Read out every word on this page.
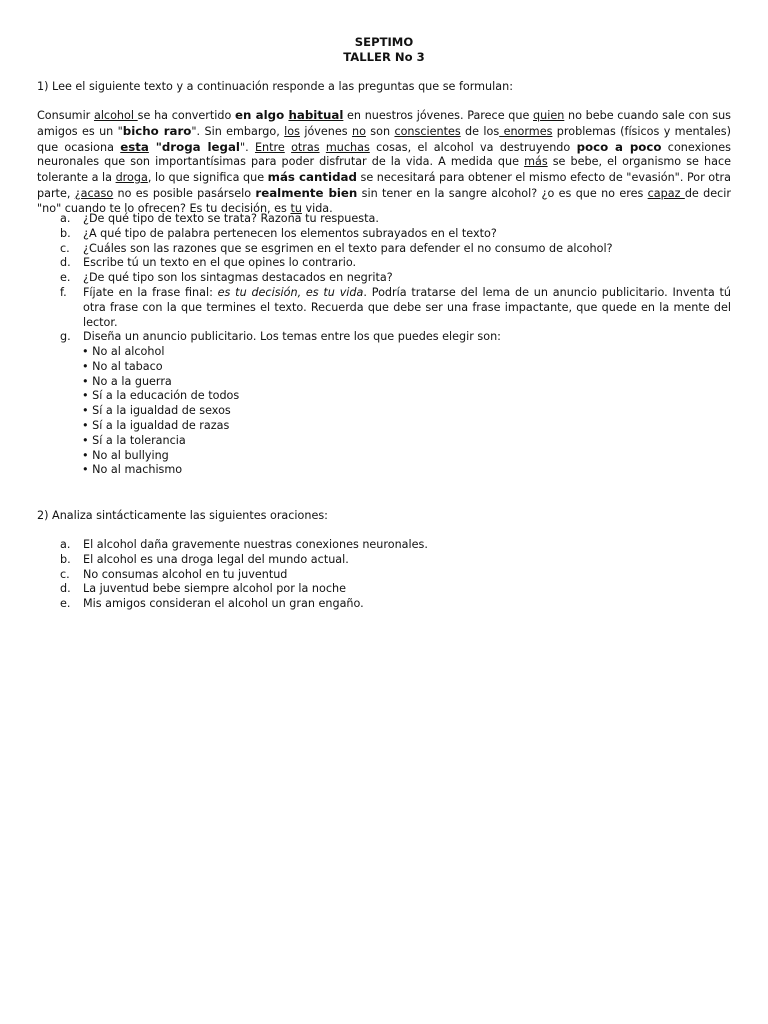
SEPTIMO
TALLER No 3
1) Lee el siguiente texto y a continuación responde a las preguntas que se formulan:
Consumir alcohol se ha convertido en algo habitual en nuestros jóvenes. Parece que quien no bebe cuando sale con sus amigos es un "bicho raro". Sin embargo, los jóvenes no son conscientes de los enormes problemas (físicos y mentales) que ocasiona esta "droga legal". Entre otras muchas cosas, el alcohol va destruyendo poco a poco conexiones neuronales que son importantísimas para poder disfrutar de la vida. A medida que más se bebe, el organismo se hace tolerante a la droga, lo que significa que más cantidad se necesitará para obtener el mismo efecto de "evasión". Por otra parte, ¿acaso no es posible pasárselo realmente bien sin tener en la sangre alcohol? ¿o es que no eres capaz de decir "no" cuando te lo ofrecen? Es tu decisión, es tu vida.
a. ¿De qué tipo de texto se trata? Razona tu respuesta.
b. ¿A qué tipo de palabra pertenecen los elementos subrayados en el texto?
c. ¿Cuáles son las razones que se esgrimen en el texto para defender el no consumo de alcohol?
d. Escribe tú un texto en el que opines lo contrario.
e. ¿De qué tipo son los sintagmas destacados en negrita?
f. Fíjate en la frase final: es tu decisión, es tu vida. Podría tratarse del lema de un anuncio publicitario. Inventa tú otra frase con la que termines el texto. Recuerda que debe ser una frase impactante, que quede en la mente del lector.
g. Diseña un anuncio publicitario. Los temas entre los que puedes elegir son:
• No al alcohol
• No al tabaco
• No a la guerra
• Sí a la educación de todos
• Sí a la igualdad de sexos
• Sí a la igualdad de razas
• Sí a la tolerancia
• No al bullying
• No al machismo
2) Analiza sintácticamente las siguientes oraciones:
a. El alcohol daña gravemente nuestras conexiones neuronales.
b. El alcohol es una droga legal del mundo actual.
c. No consumas alcohol en tu juventud
d. La juventud bebe siempre alcohol por la noche
e. Mis amigos consideran el alcohol un gran engaño.
